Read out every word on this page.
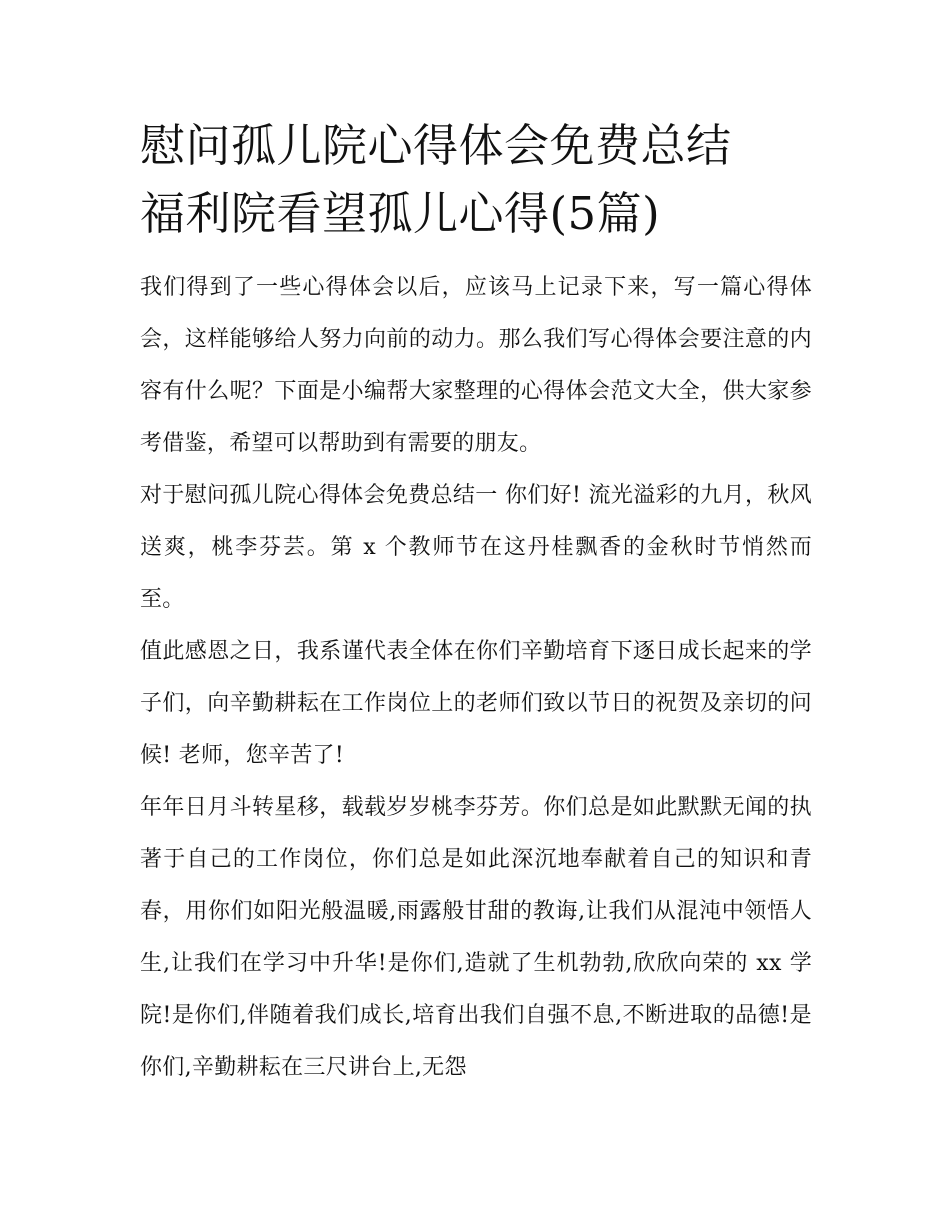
慰问孤儿院心得体会免费总结
福利院看望孤儿心得(5篇)

我们得到了一些心得体会以后，应该马上记录下来，写一篇心得体会，这样能够给人努力向前的动力。那么我们写心得体会要注意的内容有什么呢？下面是小编帮大家整理的心得体会范文大全，供大家参考借鉴，希望可以帮助到有需要的朋友。

对于慰问孤儿院心得体会免费总结一 你们好! 流光溢彩的九月，秋风送爽，桃李芬芸。第 x 个教师节在这丹桂飘香的金秋时节悄然而至。

值此感恩之日，我系谨代表全体在你们辛勤培育下逐日成长起来的学子们，向辛勤耕耘在工作岗位上的老师们致以节日的祝贺及亲切的问候! 老师，您辛苦了!

年年日月斗转星移，载载岁岁桃李芬芳。你们总是如此默默无闻的执著于自己的工作岗位，你们总是如此深沉地奉献着自己的知识和青春，用你们如阳光般温暖,雨露般甘甜的教诲,让我们从混沌中领悟人生,让我们在学习中升华!是你们,造就了生机勃勃,欣欣向荣的 xx 学院!是你们,伴随着我们成长,培育出我们自强不息,不断进取的品德!是你们,辛勤耕耘在三尺讲台上,无怨
